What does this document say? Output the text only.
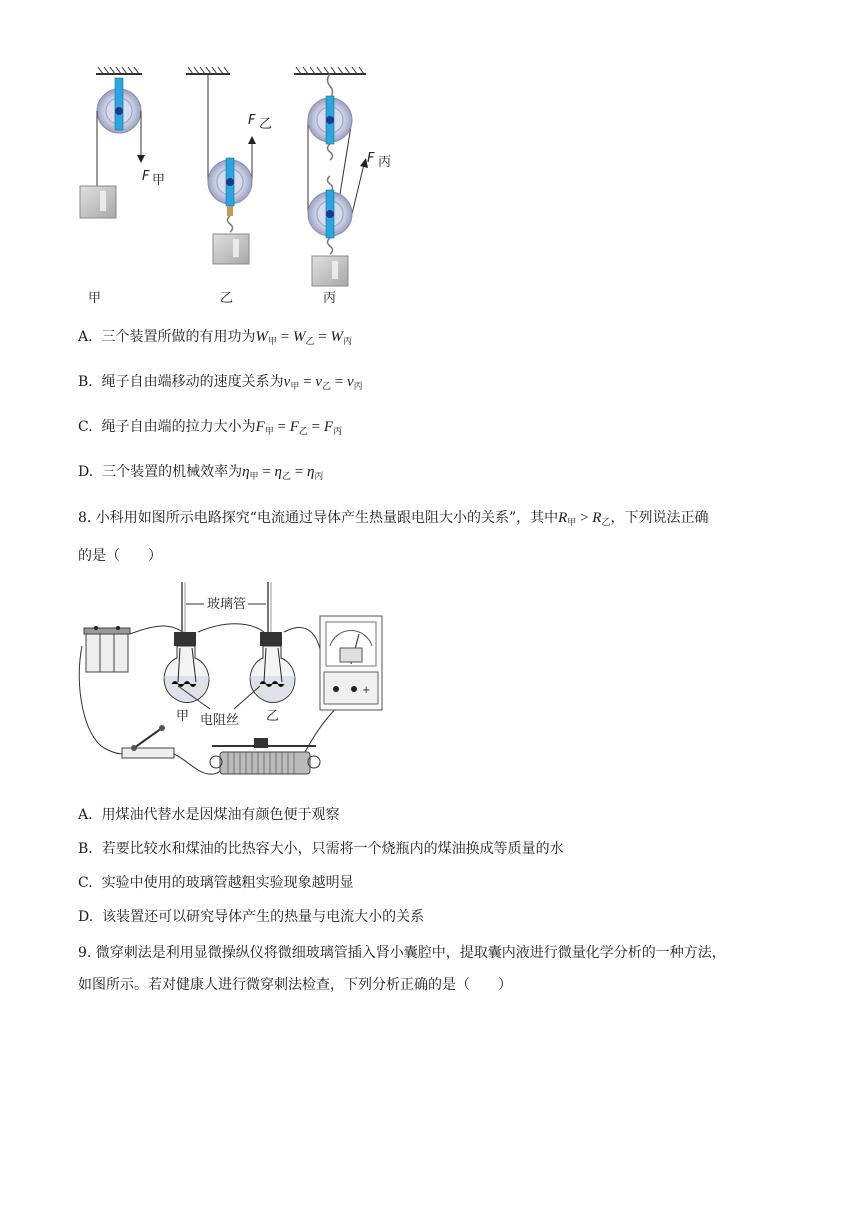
F 甲
F 乙
F 丙
甲	乙	丙
A. 三个装置所做的有用功为$W_甲 = W_乙 = W_丙$
B. 绳子自由端移动的速度关系为$v_甲 = v_乙 = v_丙$
C. 绳子自由端的拉力大小为$F_甲 = F_乙 = F_丙$
D. 三个装置的机械效率为$\eta_甲 = \eta_乙 = \eta_丙$
8. 小科用如图所示电路探究“电流通过导体产生热量跟电阻大小的关系”，其中$R_甲 > R_乙$，下列说法正确
的是（　　）
玻璃管
+
甲 电阻丝 乙
A. 用煤油代替水是因煤油有颜色便于观察
B. 若要比较水和煤油的比热容大小，只需将一个烧瓶内的煤油换成等质量的水
C. 实验中使用的玻璃管越粗实验现象越明显
D. 该装置还可以研究导体产生的热量与电流大小的关系
9. 微穿刺法是利用显微操纵仪将微细玻璃管插入肾小囊腔中，提取囊内液进行微量化学分析的一种方法，
如图所示。若对健康人进行微穿刺法检查，下列分析正确的是（　　）
